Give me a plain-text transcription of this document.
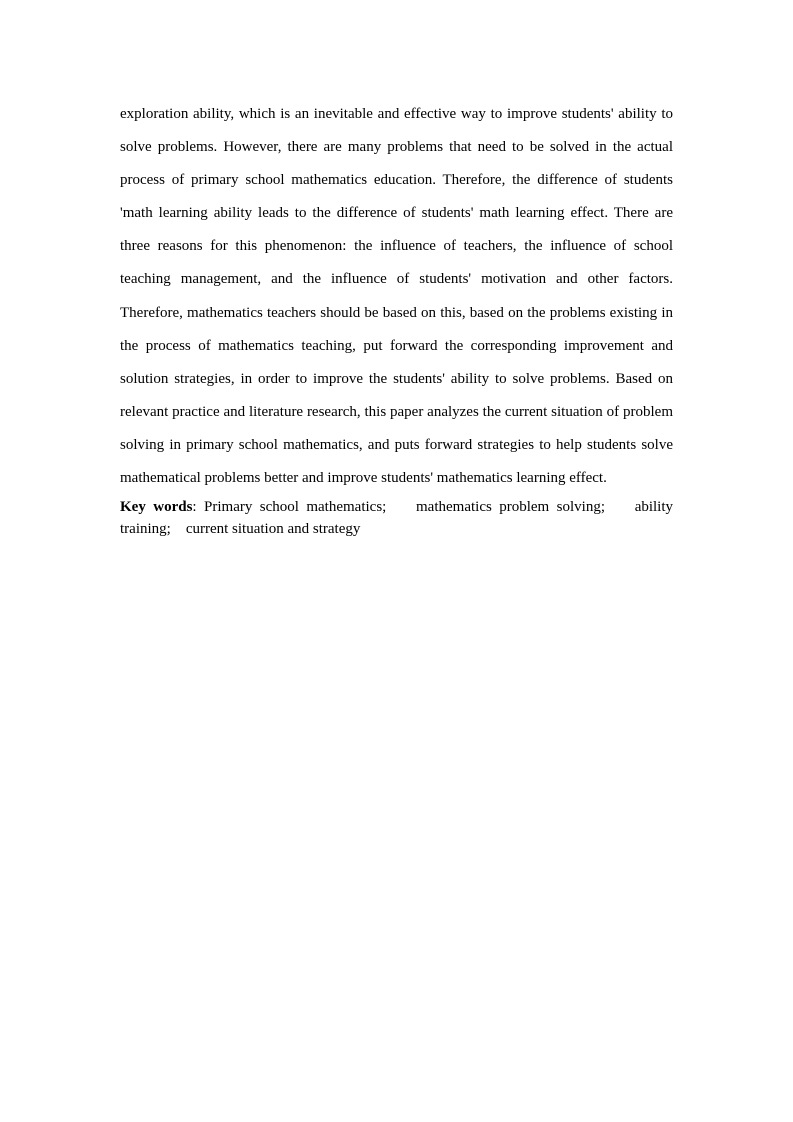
exploration ability, which is an inevitable and effective way to improve students' ability to solve problems. However, there are many problems that need to be solved in the actual process of primary school mathematics education. Therefore, the difference of students 'math learning ability leads to the difference of students' math learning effect. There are three reasons for this phenomenon: the influence of teachers, the influence of school teaching management, and the influence of students' motivation and other factors. Therefore, mathematics teachers should be based on this, based on the problems existing in the process of mathematics teaching, put forward the corresponding improvement and solution strategies, in order to improve the students' ability to solve problems. Based on relevant practice and literature research, this paper analyzes the current situation of problem solving in primary school mathematics, and puts forward strategies to help students solve mathematical problems better and improve students' mathematics learning effect.

Key words: Primary school mathematics; mathematics problem solving; ability training; current situation and strategy
